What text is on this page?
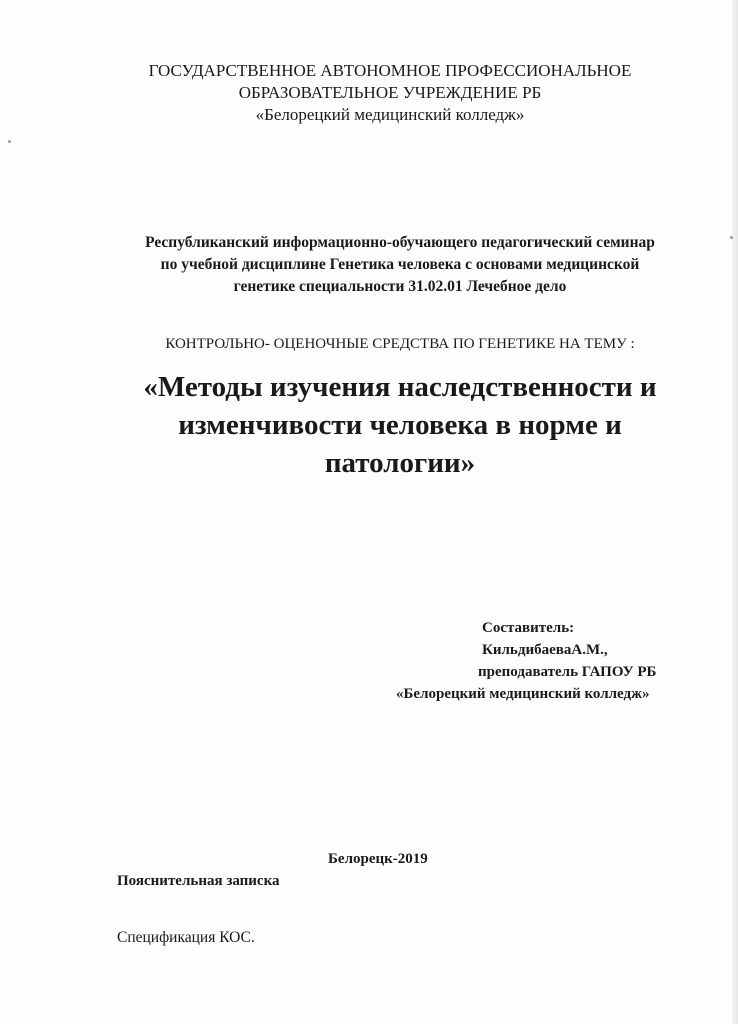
ГОСУДАРСТВЕННОЕ АВТОНОМНОЕ ПРОФЕССИОНАЛЬНОЕ
ОБРАЗОВАТЕЛЬНОЕ УЧРЕЖДЕНИЕ РБ
«Белорецкий медицинский колледж»
Республиканский информационно-обучающего педагогический семинар
по учебной дисциплине Генетика человека с основами медицинской
генетике специальности 31.02.01 Лечебное дело
КОНТРОЛЬНО- ОЦЕНОЧНЫЕ СРЕДСТВА ПО ГЕНЕТИКЕ НА ТЕМУ :
«Методы изучения наследственности и
изменчивости человека в норме и
патологии»
Составитель:
КильдибаеваА.М.,
преподаватель ГАПОУ РБ
«Белорецкий медицинский колледж»
Белорецк-2019
Пояснительная записка
Спецификация КОС.
